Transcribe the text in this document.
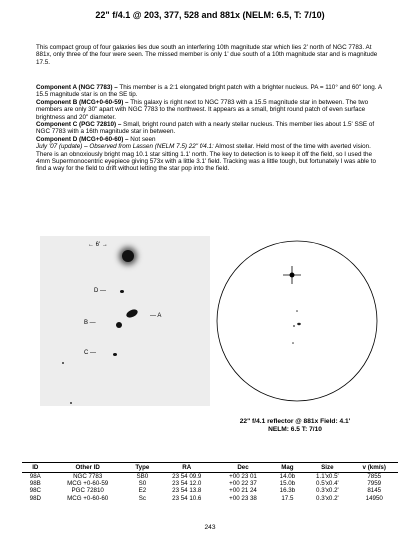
22" f/4.1 @ 203, 377, 528 and 881x (NELM: 6.5, T: 7/10)

This compact group of four galaxies lies due south an interfering 10th magnitude star which lies 2' north of NGC 7783. At 881x, only three of the four were seen. The missed member is only 1' due south of a 10th magnitude star and is magnitude 17.5.

Component A (NGC 7783) – This member is a 2:1 elongated bright patch with a brighter nucleus. PA = 110° and 60" long. A 15.5 magnitude star is on the SE tip.

Component B (MCG+0-60-59) – This galaxy is right next to NGC 7783 with a 15.5 magnitude star in between. The two members are only 30" apart with NGC 7783 to the northwest. It appears as a small, bright round patch of even surface brightness and 20" diameter.

Component C (PGC 72810) – Small, bright round patch with a nearly stellar nucleus. This member lies about 1.5' SSE of NGC 7783 with a 16th magnitude star in between.

Component D (MCG+0-60-60) – Not seen

July '07 (update) – Observed from Lassen (NELM 7.5) 22" f/4.1: Almost stellar. Held most of the time with averted vision. There is an obnoxiously bright mag 10.1 star sitting 1.1' north. The key to detection is to keep it off the field, so I used the 4mm Supermonocentric eyepiece giving 573x with a little 3.1' field. Tracking was a little tough, but fortunately I was able to find a way for the field to drift without letting the star pop into the field.

← 6' →
D —
B —
— A
C —
22" f/4.1 reflector @ 881x Field: 4.1'
NELM: 6.5 T: 7/10
ID	Other ID	Type	RA	Dec	Mag	Size	v (km/s)
98A	NGC 7783	SB0	23 54 09.9	+00 23 01	14.0b	1.1'x0.5'	7855
98B	MCG +0-60-59	S0	23 54 12.0	+00 22 37	15.0b	0.5'x0.4'	7959
98C	PGC 72810	E2	23 54 13.8	+00 21 24	16.3b	0.3'x0.2'	8145
98D	MCG +0-60-60	Sc	23 54 10.6	+00 23 38	17.5	0.3'x0.2'	14950
243
